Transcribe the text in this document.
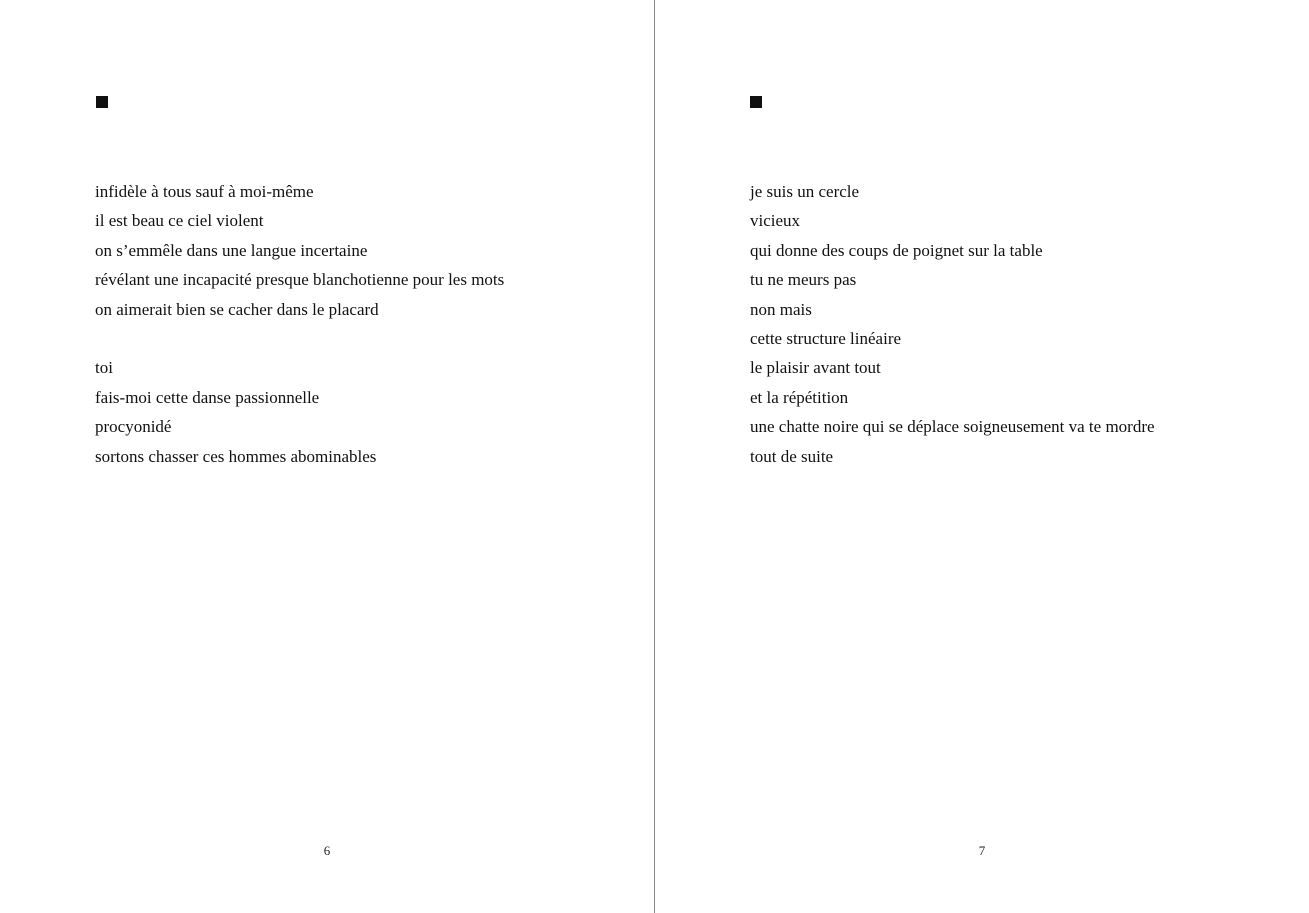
infidèle à tous sauf à moi-même
il est beau ce ciel violent
on s’emmêle dans une langue incertaine
révélant une incapacité presque blanchotienne pour les mots
on aimerait bien se cacher dans le placard
toi
fais-moi cette danse passionnelle
procyonidé
sortons chasser ces hommes abominables
6
je suis un cercle
vicieux
qui donne des coups de poignet sur la table
tu ne meurs pas
non mais
cette structure linéaire
le plaisir avant tout
et la répétition
une chatte noire qui se déplace soigneusement va te mordre
tout de suite
7
